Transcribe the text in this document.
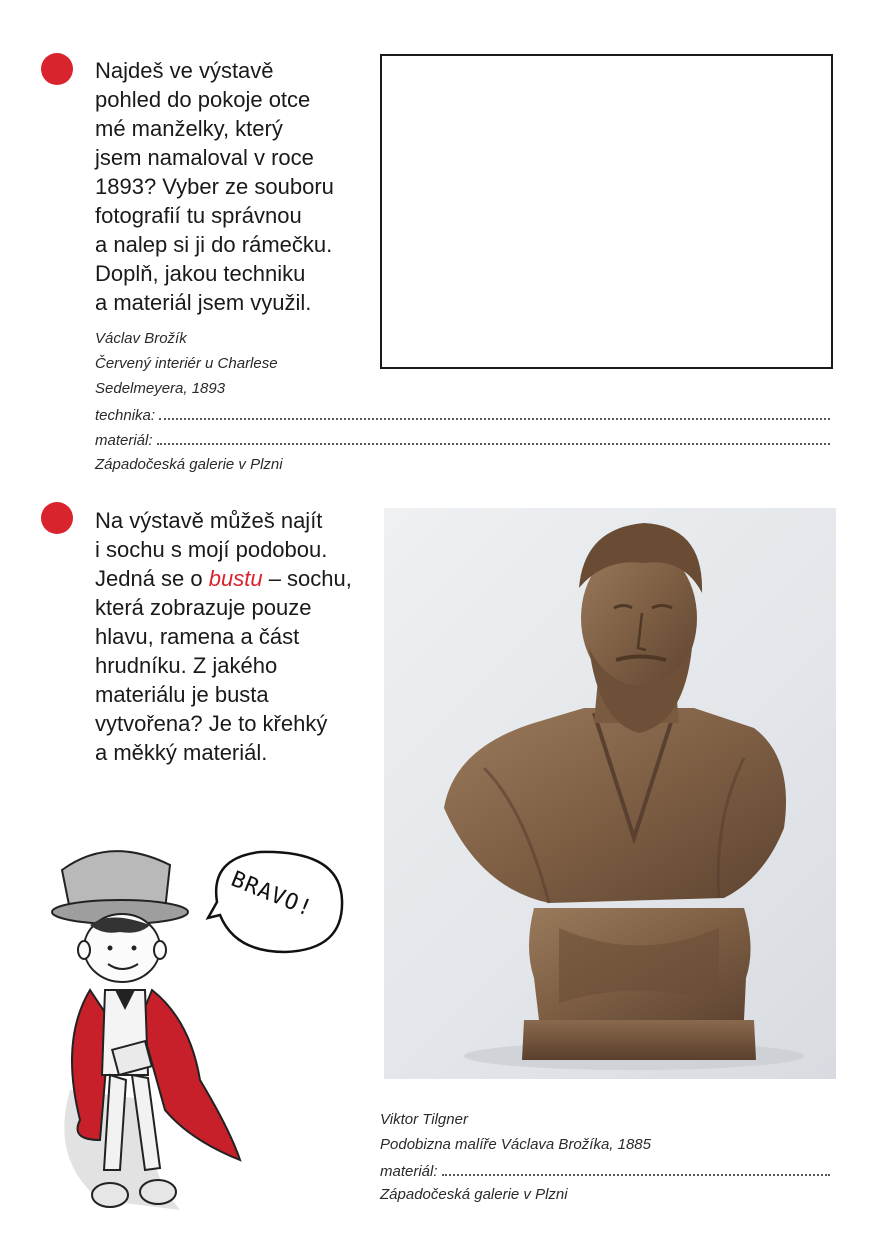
Najdeš ve výstavě
pohled do pokoje otce
mé manželky, který
jsem namaloval v roce
1893? Vyber ze souboru
fotografií tu správnou
a nalep si ji do rámečku.
Doplň, jakou techniku
a materiál jsem využil.
Václav Brožík
Červený interiér u Charlese
Sedelmeyera, 1893
technika:
materiál:
Západočeská galerie v Plzni
Na výstavě můžeš najít
i sochu s mojí podobou.
Jedná se o bustu – sochu,
která zobrazuje pouze
hlavu, ramena a část
hrudníku. Z jakého
materiálu je busta
vytvořena? Je to křehký
a měkký materiál.
Viktor Tilgner
Podobizna malíře Václava Brožíka, 1885
materiál:
Západočeská galerie v Plzni
BRAVO!
